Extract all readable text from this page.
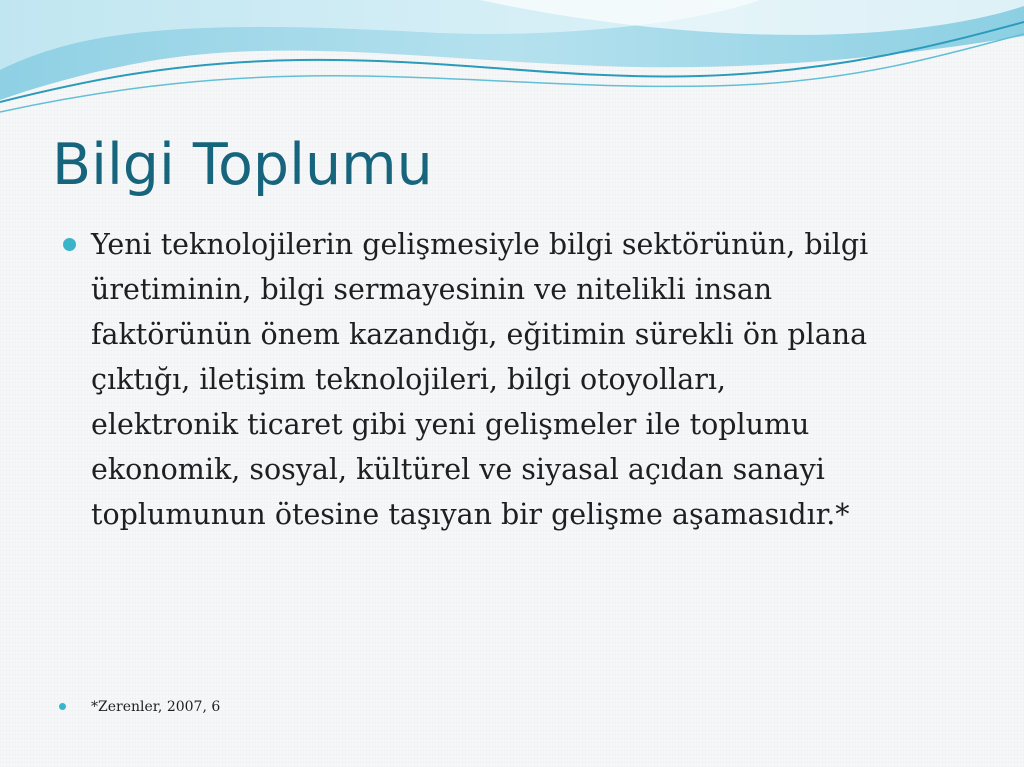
Bilgi Toplumu
Yeni teknolojilerin gelişmesiyle bilgi sektörünün, bilgi
üretiminin, bilgi sermayesinin ve nitelikli insan
faktörünün önem kazandığı, eğitimin sürekli ön plana
çıktığı, iletişim teknolojileri, bilgi otoyolları,
elektronik ticaret gibi yeni gelişmeler ile toplumu
ekonomik, sosyal, kültürel ve siyasal açıdan sanayi
toplumunun ötesine taşıyan bir gelişme aşamasıdır.*
*Zerenler, 2007, 6
